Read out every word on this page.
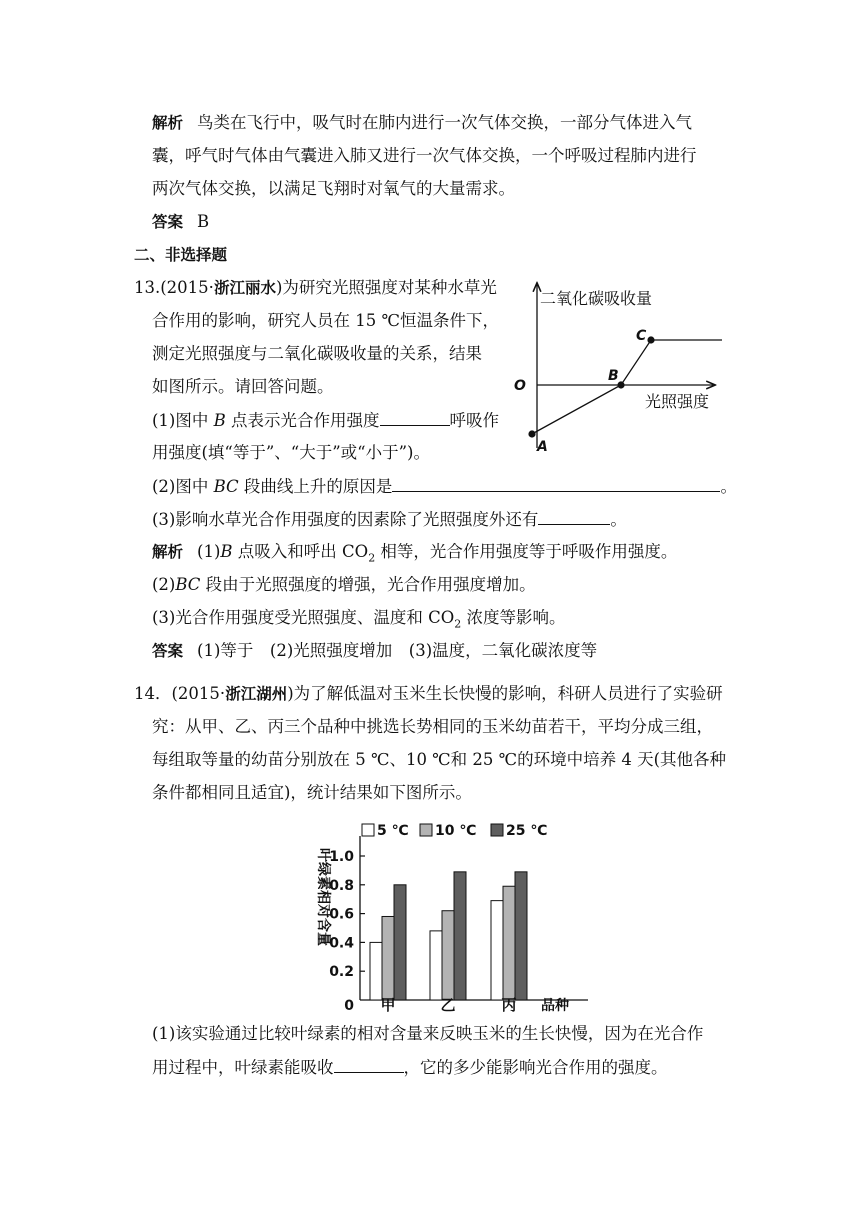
解析 鸟类在飞行中，吸气时在肺内进行一次气体交换，一部分气体进入气
囊，呼气时气体由气囊进入肺又进行一次气体交换，一个呼吸过程肺内进行
两次气体交换，以满足飞翔时对氧气的大量需求。
答案 B
二、非选择题
13.(2015·浙江丽水)为研究光照强度对某种水草光
合作用的影响，研究人员在 15 ℃恒温条件下，
测定光照强度与二氧化碳吸收量的关系，结果
如图所示。请回答问题。
(1)图中 B 点表示光合作用强度	呼吸作
用强度(填“等于”、“大于”或“小于”)。
(2)图中 BC 段曲线上升的原因是	。
(3)影响水草光合作用强度的因素除了光照强度外还有	。
解析 (1)B 点吸入和呼出 $CO_2$ 相等，光合作用强度等于呼吸作用强度。
(2)BC 段由于光照强度的增强，光合作用强度增加。
(3)光合作用强度受光照强度、温度和 $CO_2$ 浓度等影响。
答案 (1)等于　(2)光照强度增加　(3)温度，二氧化碳浓度等
二氧化碳吸收量
光照强度
O
A
B
C
14．(2015·浙江湖州)为了解低温对玉米生长快慢的影响，科研人员进行了实验研
究：从甲、乙、丙三个品种中挑选长势相同的玉米幼苗若干，平均分成三组，
每组取等量的幼苗分别放在 5 ℃、10 ℃和 25 ℃的环境中培养 4 天(其他各种
条件都相同且适宜)，统计结果如下图所示。
5 ℃ 10 ℃ 25 ℃
叶绿素相对含量
0
0.2
0.4
0.6
0.8
1.0
甲	乙	丙 品种
(1)该实验通过比较叶绿素的相对含量来反映玉米的生长快慢，因为在光合作
用过程中，叶绿素能吸收	，它的多少能影响光合作用的强度。
